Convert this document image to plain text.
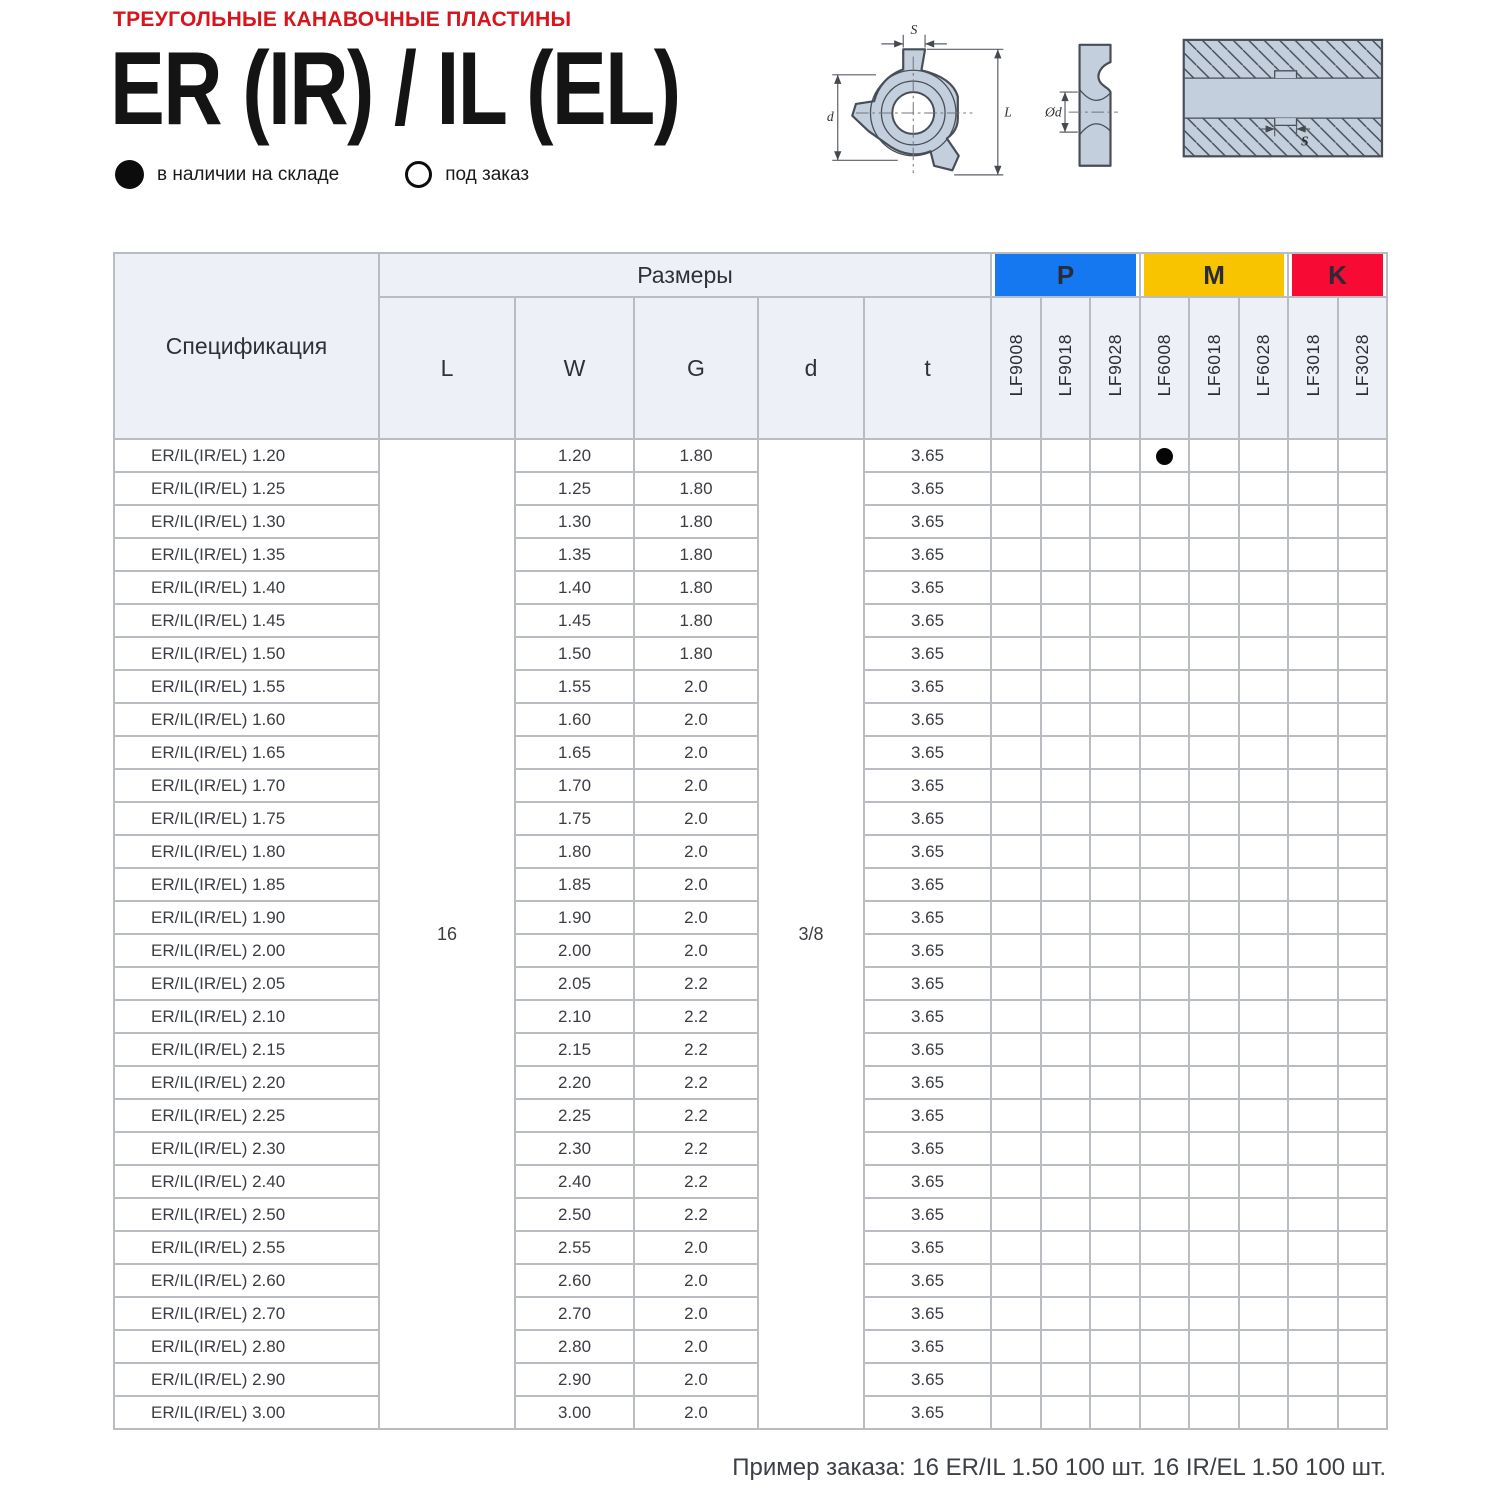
ТРЕУГОЛЬНЫЕ КАНАВОЧНЫЕ ПЛАСТИНЫ
ER (IR) / IL (EL)
в наличии на складе	под заказ
S
d	L Ød
S
Спецификация	Размеры					P			M			K	

	L	W	G	d	t	LF9008	LF9018	LF9028	LF6008	LF6018	LF6028	LF3018	LF3028
ER/IL(IR/EL) 1.20	16	1.20	1.80	3/8	3.65								
ER/IL(IR/EL) 1.25		1.25	1.80		3.65								
ER/IL(IR/EL) 1.30		1.30	1.80		3.65								
ER/IL(IR/EL) 1.35		1.35	1.80		3.65								
ER/IL(IR/EL) 1.40		1.40	1.80		3.65								
ER/IL(IR/EL) 1.45		1.45	1.80		3.65								
ER/IL(IR/EL) 1.50		1.50	1.80		3.65								
ER/IL(IR/EL) 1.55		1.55	2.0		3.65								
ER/IL(IR/EL) 1.60		1.60	2.0		3.65								
ER/IL(IR/EL) 1.65		1.65	2.0		3.65								
ER/IL(IR/EL) 1.70		1.70	2.0		3.65								
ER/IL(IR/EL) 1.75		1.75	2.0		3.65								
ER/IL(IR/EL) 1.80		1.80	2.0		3.65								
ER/IL(IR/EL) 1.85		1.85	2.0		3.65								
ER/IL(IR/EL) 1.90		1.90	2.0		3.65								
ER/IL(IR/EL) 2.00		2.00	2.0		3.65								
ER/IL(IR/EL) 2.05		2.05	2.2		3.65								
ER/IL(IR/EL) 2.10		2.10	2.2		3.65								
ER/IL(IR/EL) 2.15		2.15	2.2		3.65								
ER/IL(IR/EL) 2.20		2.20	2.2		3.65								
ER/IL(IR/EL) 2.25		2.25	2.2		3.65								
ER/IL(IR/EL) 2.30		2.30	2.2		3.65								
ER/IL(IR/EL) 2.40		2.40	2.2		3.65								
ER/IL(IR/EL) 2.50		2.50	2.2		3.65								
ER/IL(IR/EL) 2.55		2.55	2.0		3.65								
ER/IL(IR/EL) 2.60		2.60	2.0		3.65								
ER/IL(IR/EL) 2.70		2.70	2.0		3.65								
ER/IL(IR/EL) 2.80		2.80	2.0		3.65								
ER/IL(IR/EL) 2.90		2.90	2.0		3.65								
ER/IL(IR/EL) 3.00		3.00	2.0		3.65								
Пример заказа: 16 ER/IL 1.50 100 шт. 16 IR/EL 1.50 100 шт.
